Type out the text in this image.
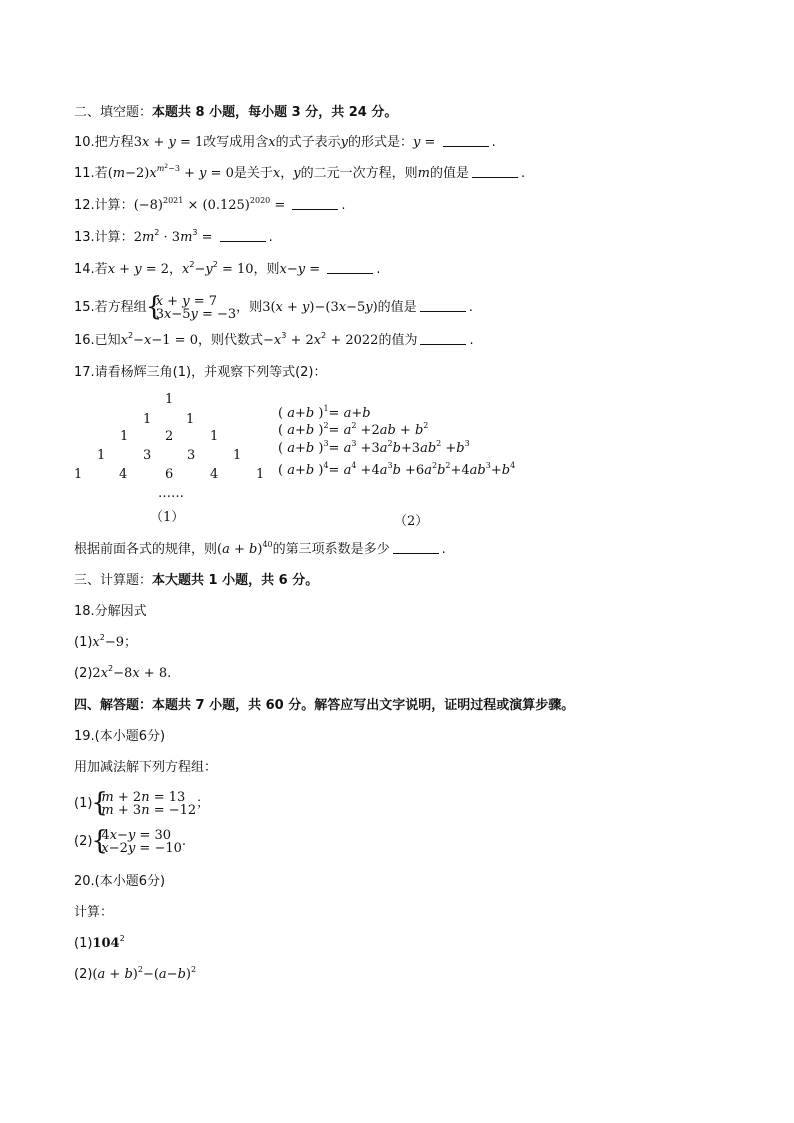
二、填空题：本题共 8 小题，每小题 3 分，共 24 分。
10.把方程3x + y = 1改写成用含x的式子表示y的形式是：y =	.
11.若$(m-2)x^{m^2-3} + y = 0$是关于x，y的二元一次方程，则m的值是	.
12.计算：$(-8)^{2021} \times (0.125)^{2020}$ =	.
13.计算：$2m^2 \cdot 3m^3$ =	.
14.若x + y = 2，$x^2-y^2 = 10$，则x−y =	.
15.若方程组 { x + y = 7
3x−5y = −3，则3(x + y)−(3x−5y)的值是	.
16.已知$x^2-x-1 = 0$，则代数式$-x^3 + 2x^2 + 2022$的值为	.
17.请看杨辉三角(1)，并观察下列等式(2)：
1
1	1
1	2	1
1	3	3	1
1	4	6	4	1
……
（1）
( a+b )$^1$= a+b
( a+b )$^2= a^2 +2ab + b^2$
( a+b )$^3= a^3 +3a^2b+3ab^2 +b^3$
( a+b )$^4= a^4 +4a^3b +6a^2b^2+4ab^3+b^4$
（2）
根据前面各式的规律，则$(a + b)^{40}$的第三项系数是多少	.
三、计算题：本大题共 1 小题，共 6 分。
18.分解因式
$(1)x^2-9$；
$(2)2x^2-8x + 8$.
四、解答题：本题共 7 小题，共 60 分。解答应写出文字说明，证明过程或演算步骤。
19.(本小题6分)
用加减法解下列方程组：
(1) { m + 2n = 13
m + 3n = −12；
(2) { 4x−y = 30
x−2y = −10.
20.(本小题6分)
计算：
$(1)104^2$
$(2)(a + b)^2-(a-b)^2$
